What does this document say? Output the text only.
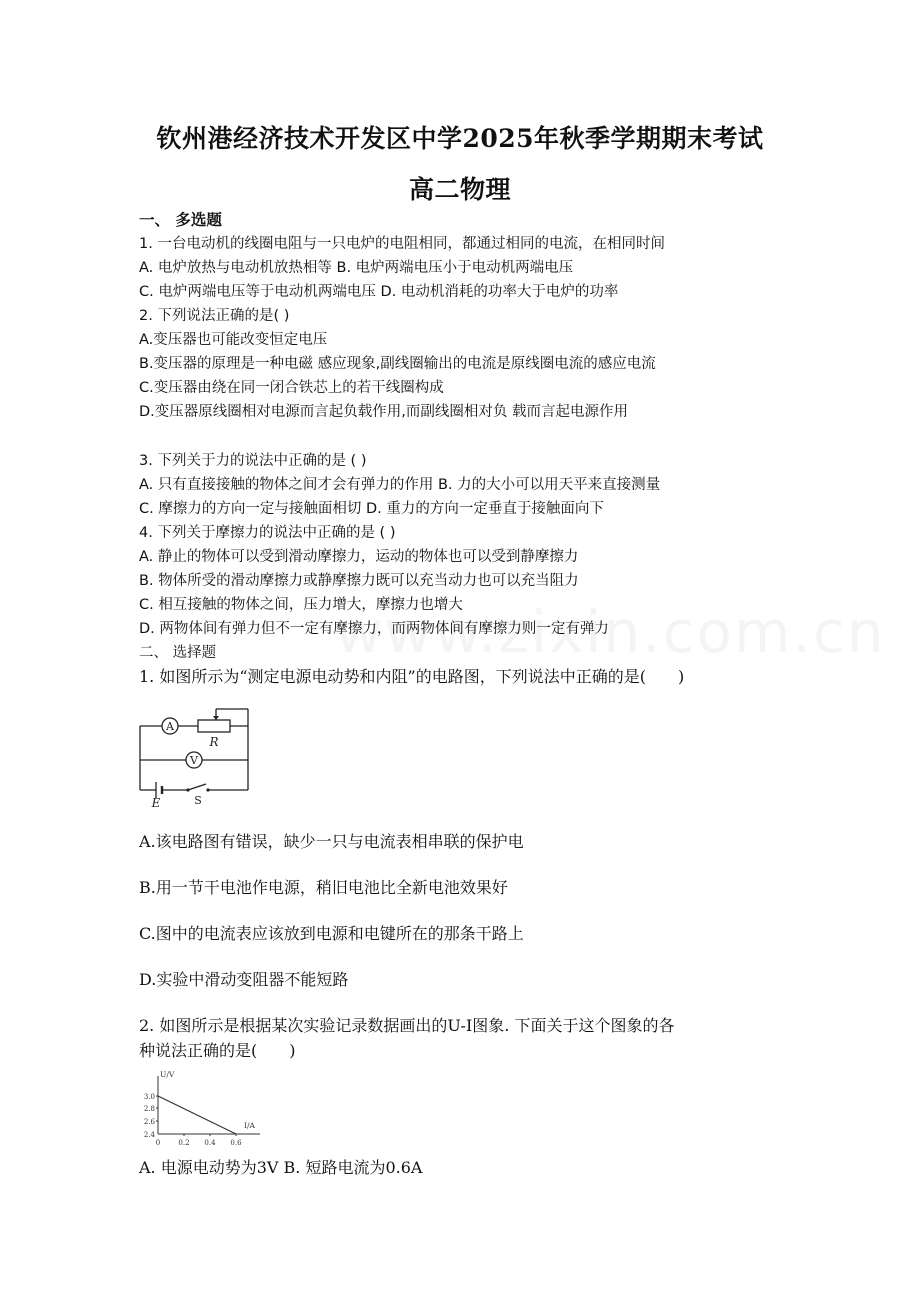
钦州港经济技术开发区中学2025年秋季学期期末考试
高二物理
一、 多选题
1. 一台电动机的线圈电阻与一只电炉的电阻相同，都通过相同的电流，在相同时间
A. 电炉放热与电动机放热相等 B. 电炉两端电压小于电动机两端电压
C. 电炉两端电压等于电动机两端电压 D. 电动机消耗的功率大于电炉的功率
2. 下列说法正确的是( )
A.变压器也可能改变恒定电压
B.变压器的原理是一种电磁 感应现象,副线圈输出的电流是原线圈电流的感应电流
C.变压器由绕在同一闭合铁芯上的若干线圈构成
D.变压器原线圈相对电源而言起负载作用,而副线圈相对负 载而言起电源作用
3. 下列关于力的说法中正确的是 ( )
A. 只有直接接触的物体之间才会有弹力的作用 B. 力的大小可以用天平来直接测量
C. 摩擦力的方向一定与接触面相切 D. 重力的方向一定垂直于接触面向下
4. 下列关于摩擦力的说法中正确的是 ( )
A. 静止的物体可以受到滑动摩擦力，运动的物体也可以受到静摩擦力
B. 物体所受的滑动摩擦力或静摩擦力既可以充当动力也可以充当阻力
C. 相互接触的物体之间，压力增大，摩擦力也增大
D. 两物体间有弹力但不一定有摩擦力，而两物体间有摩擦力则一定有弹力
二、 选择题
1. 如图所示为“测定电源电动势和内阻”的电路图，下列说法中正确的是(　　)
A
V
R
S
E
A.该电路图有错误，缺少一只与电流表相串联的保护电
B.用一节干电池作电源，稍旧电池比全新电池效果好
C.图中的电流表应该放到电源和电键所在的那条干路上
D.实验中滑动变阻器不能短路
2. 如图所示是根据某次实验记录数据画出的U-I图象. 下面关于这个图象的各
种说法正确的是(　　)
U/V
I/A
3.0
2.8
2.6
2.4
0	0.2 0.4 0.6
A. 电源电动势为3V B. 短路电流为0.6A
